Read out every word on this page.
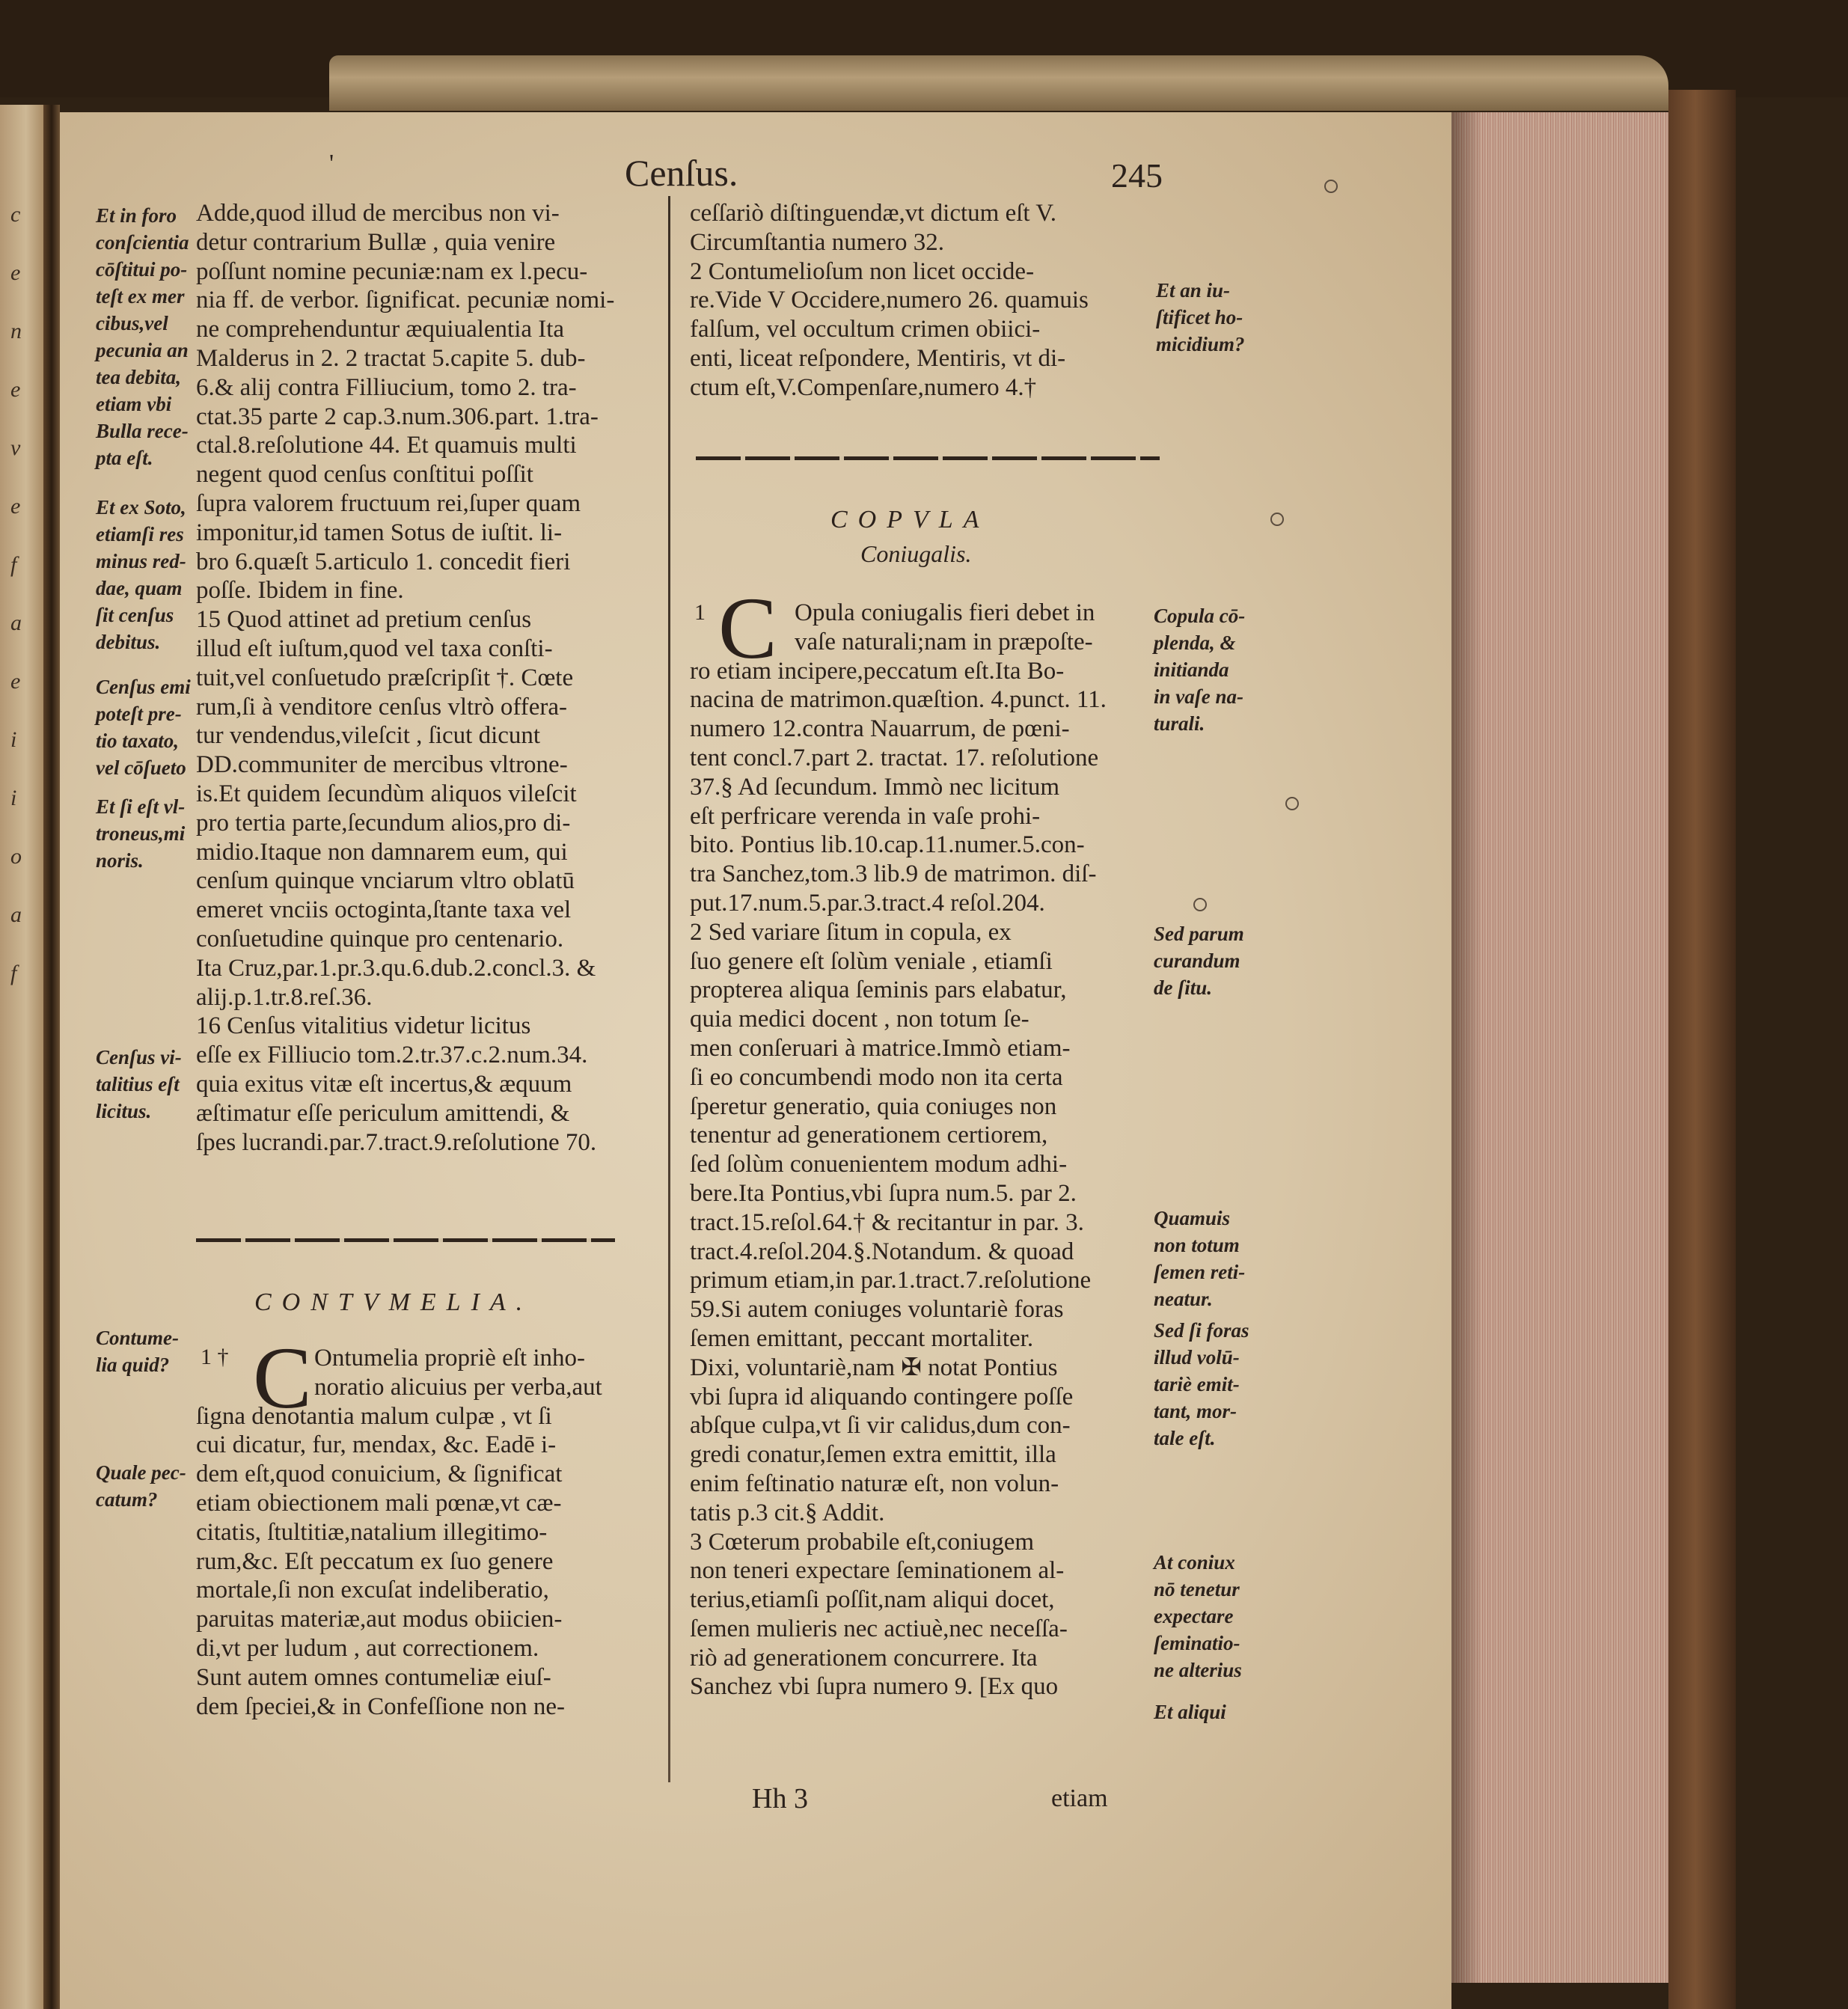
c
e
n
e
v
e
f
a
e
i
i
o
a
f
'	Cenſus.	245
Adde,quod illud de mercibus non vi-
detur contrarium Bullæ , quia venire
poſſunt nomine pecuniæ:nam ex l.pecu-
nia ff. de verbor. ſignificat. pecuniæ nomi-
ne comprehenduntur æquiualentia Ita
Malderus in 2. 2 tractat 5.capite 5. dub-
6.& alij contra Filliucium, tomo 2. tra-
ctat.35 parte 2 cap.3.num.306.part. 1.tra-
ctal.8.reſolutione 44. Et quamuis multi
negent quod cenſus conſtitui poſſit
ſupra valorem fructuum rei,ſuper quam
imponitur,id tamen Sotus de iuſtit. li-
bro 6.quæſt 5.articulo 1. concedit fieri
poſſe. Ibidem in fine.
15 Quod attinet ad pretium cenſus
illud eſt iuſtum,quod vel taxa conſti-
tuit,vel conſuetudo præſcripſit †. Cœte
rum,ſi à venditore cenſus vltrò offera-
tur vendendus,vileſcit , ſicut dicunt
DD.communiter de mercibus vltrone-
is.Et quidem ſecundùm aliquos vileſcit
pro tertia parte,ſecundum alios,pro di-
midio.Itaque non damnarem eum, qui
cenſum quinque vnciarum vltro oblatū
emeret vnciis octoginta,ſtante taxa vel
conſuetudine quinque pro centenario.
Ita Cruz,par.1.pr.3.qu.6.dub.2.concl.3. &
alij.p.1.tr.8.reſ.36.
16 Cenſus vitalitius videtur licitus
eſſe ex Filliucio tom.2.tr.37.c.2.num.34.
quia exitus vitæ eſt incertus,& æquum
æſtimatur eſſe periculum amittendi, &
ſpes lucrandi.par.7.tract.9.reſolutione 70.
Et in foro
conſcientia
cōſtitui po-
teſt ex mer
cibus,vel
pecunia an
tea debita,
etiam vbi
Bulla rece-
pta eſt.
Et ex Soto,
etiamſi res
minus red-
dae, quam
ſit cenſus
debitus.
Cenſus emi
poteſt pre-
tio taxato,
vel cōſueto
Et ſi eſt vl-
troneus,mi
noris.
Cenſus vi-
talitius eſt
licitus.
CONTVMELIA.
1 † C Ontumelia propriè eſt inho-
noratio alicuius per verba,aut
ſigna denotantia malum culpæ , vt ſi
cui dicatur, fur, mendax, &c. Eadē i-
dem eſt,quod conuicium, & ſignificat
etiam obiectionem mali pœnæ,vt cæ-
citatis, ſtultitiæ,natalium illegitimo-
rum,&c. Eſt peccatum ex ſuo genere
mortale,ſi non excuſat indeliberatio,
paruitas materiæ,aut modus obiicien-
di,vt per ludum , aut correctionem.
Sunt autem omnes contumeliæ eiuſ-
dem ſpeciei,& in Confeſſione non ne-
Contume-
lia quid?
Quale pec-
catum?
ceſſariò diſtinguendæ,vt dictum eſt V.
Circumſtantia numero 32.
2 Contumelioſum non licet occide-
re.Vide V Occidere,numero 26. quamuis
falſum, vel occultum crimen obiici-
enti, liceat reſpondere, Mentiris, vt di-
ctum eſt,V.Compenſare,numero 4.†
Et an iu-
ſtificet ho-
micidium?
COPVLA
Coniugalis.
1 C Opula coniugalis fieri debet in
vaſe naturali;nam in præpoſte-
ro etiam incipere,peccatum eſt.Ita Bo-
nacina de matrimon.quæſtion. 4.punct. 11.
numero 12.contra Nauarrum, de pœni-
tent concl.7.part 2. tractat. 17. reſolutione
37.§ Ad ſecundum. Immò nec licitum
eſt perfricare verenda in vaſe prohi-
bito. Pontius lib.10.cap.11.numer.5.con-
tra Sanchez,tom.3 lib.9 de matrimon. diſ-
put.17.num.5.par.3.tract.4 reſol.204.
2 Sed variare ſitum in copula, ex
ſuo genere eſt ſolùm veniale , etiamſi
propterea aliqua ſeminis pars elabatur,
quia medici docent , non totum ſe-
men conſeruari à matrice.Immò etiam-
ſi eo concumbendi modo non ita certa
ſperetur generatio, quia coniuges non
tenentur ad generationem certiorem,
ſed ſolùm conuenientem modum adhi-
bere.Ita Pontius,vbi ſupra num.5. par 2.
tract.15.reſol.64.† & recitantur in par. 3.
tract.4.reſol.204.§.Notandum. & quoad
primum etiam,in par.1.tract.7.reſolutione
59.Si autem coniuges voluntariè foras
ſemen emittant, peccant mortaliter.
Dixi, voluntariè,nam ✠ notat Pontius
vbi ſupra id aliquando contingere poſſe
abſque culpa,vt ſi vir calidus,dum con-
gredi conatur,ſemen extra emittit, illa
enim feſtinatio naturæ eſt, non volun-
tatis p.3 cit.§ Addit.
3 Cœterum probabile eſt,coniugem
non teneri expectare ſeminationem al-
terius,etiamſi poſſit,nam aliqui docet,
ſemen mulieris nec actiuè,nec neceſſa-
riò ad generationem concurrere. Ita
Sanchez vbi ſupra numero 9. [Ex quo
Copula cō-
plenda, &
initianda
in vaſe na-
turali.
Sed parum
curandum
de ſitu.
Quamuis
non totum
ſemen reti-
neatur.
Sed ſi foras
illud volū-
tariè emit-
tant, mor-
tale eſt.
At coniux
nō tenetur
expectare
ſeminatio-
ne alterius
Et aliqui
Hh 3	etiam
